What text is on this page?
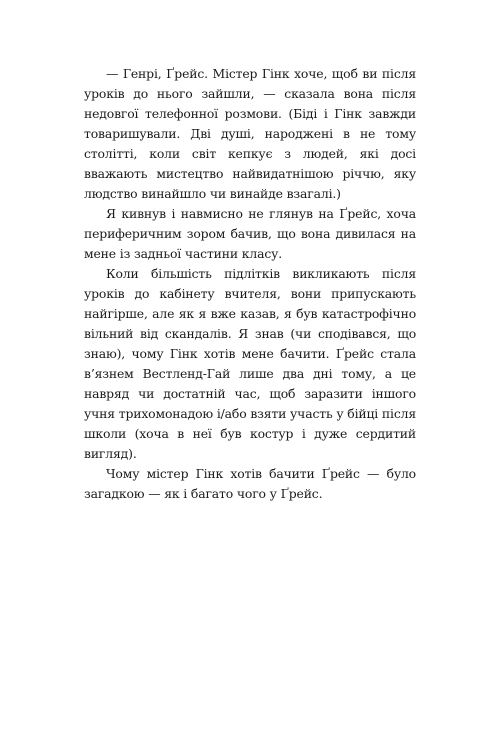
— Генрі, Ґрейс. Містер Гінк хоче, щоб ви після уроків до нього зайшли, — сказала вона після недовгої телефонної розмови. (Біді і Гінк завжди товаришували. Дві душі, народжені в не тому столітті, коли світ кепкує з людей, які досі вважають мистецтво найвидатнішою річчю, яку людство винайшло чи винайде взагалі.)

Я кивнув і навмисно не глянув на Ґрейс, хоча периферичним зором бачив, що вона дивилася на мене із задньої частини класу.

Коли більшість підлітків викликають після уроків до кабінету вчителя, вони припускають найгірше, але як я вже казав, я був катастрофічно вільний від скандалів. Я знав (чи сподівався, що знаю), чому Гінк хотів мене бачити. Ґрейс стала в’язнем Вестленд-Гай лише два дні тому, а це навряд чи достатній час, щоб заразити іншого учня трихомонадою і/або взяти участь у бійці після школи (хоча в неї був костур і дуже сердитий вигляд).

Чому містер Гінк хотів бачити Ґрейс — було загадкою — як і багато чого у Ґрейс.
